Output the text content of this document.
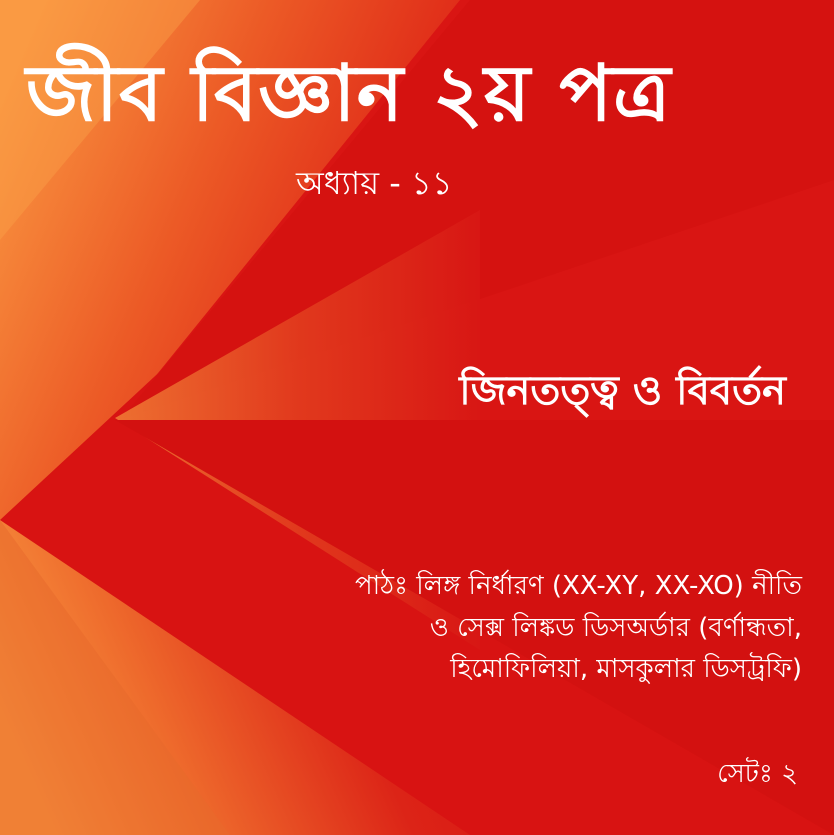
জীব বিজ্ঞান ২য় পত্র
অধ্যায় - ১১
জিনতত্ত্ব ও বিবর্তন
পাঠঃ লিঙ্গ নির্ধারণ (XX-XY, XX-XO) নীতি
ও সেক্স লিঙ্কড ডিসঅর্ডার (বর্ণান্ধতা,
হিমোফিলিয়া, মাসকুলার ডিসট্রফি)
সেটঃ ২
